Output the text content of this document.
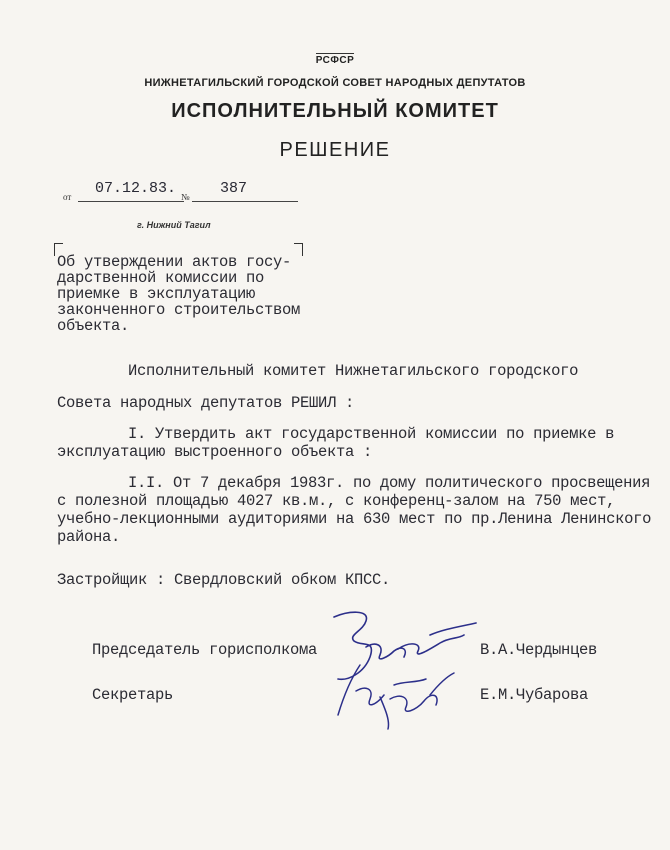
РСФСР
НИЖНЕТАГИЛЬСКИЙ ГОРОДСКОЙ СОВЕТ НАРОДНЫХ ДЕПУТАТОВ
ИСПОЛНИТЕЛЬНЫЙ КОМИТЕТ
РЕШЕНИЕ
от 07.12.83. № 387
г. Нижний Тагил
Об утверждении актов госу-
дарственной комиссии по
приемке в эксплуатацию
законченного строительством
объекта.
Исполнительный комитет Нижнетагильского городского
Совета народных депутатов РЕШИЛ :
I. Утвердить акт государственной комиссии по приемке в
эксплуатацию выстроенного объекта :
I.I. От 7 декабря 1983г. по дому политического просвещения
с полезной площадью 4027 кв.м., с конференц-залом на 750 мест,
учебно-лекционными аудиториями на 630 мест по пр.Ленина Ленинского
района.
Застройщик : Свердловский обком КПСС.
Председатель горисполкома	В.А.Чердынцев
Секретарь	Е.М.Чубарова
